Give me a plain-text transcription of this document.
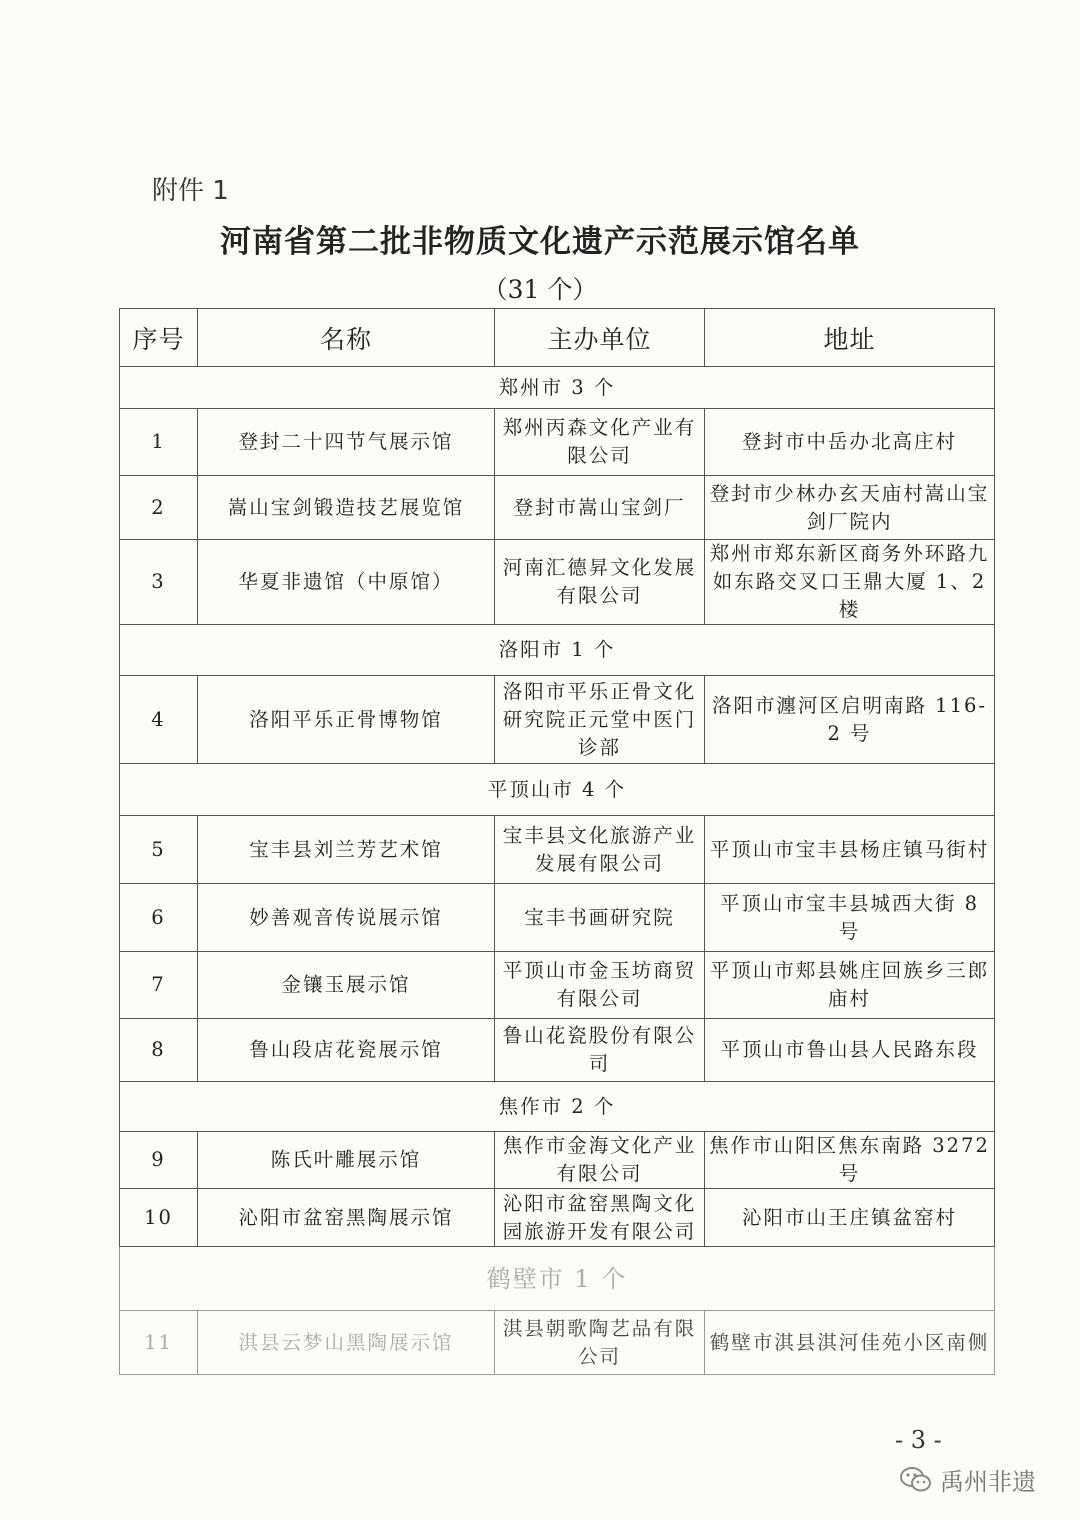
附件 1
河南省第二批非物质文化遗产示范展示馆名单
（31 个）
序号	名称	主办单位	地址
郑州市 3 个			
1	登封二十四节气展示馆	郑州丙森文化产业有限公司	登封市中岳办北高庄村
2	嵩山宝剑锻造技艺展览馆	登封市嵩山宝剑厂	登封市少林办玄天庙村嵩山宝剑厂院内
3	华夏非遗馆（中原馆）	河南汇德昇文化发展有限公司	郑州市郑东新区商务外环路九如东路交叉口王鼎大厦 1、2 楼
洛阳市 1 个			
4	洛阳平乐正骨博物馆	洛阳市平乐正骨文化研究院正元堂中医门诊部	洛阳市瀍河区启明南路 116-2 号
平顶山市 4 个			
5	宝丰县刘兰芳艺术馆	宝丰县文化旅游产业发展有限公司	平顶山市宝丰县杨庄镇马街村
6	妙善观音传说展示馆	宝丰书画研究院	平顶山市宝丰县城西大街 8 号
7	金镶玉展示馆	平顶山市金玉坊商贸有限公司	平顶山市郏县姚庄回族乡三郎庙村
8	鲁山段店花瓷展示馆	鲁山花瓷股份有限公司	平顶山市鲁山县人民路东段
焦作市 2 个			
9	陈氏叶雕展示馆	焦作市金海文化产业有限公司	焦作市山阳区焦东南路 3272 号
10	沁阳市盆窑黑陶展示馆	沁阳市盆窑黑陶文化园旅游开发有限公司	沁阳市山王庄镇盆窑村
鹤壁市 1 个			
11	淇县云梦山黑陶展示馆	淇县朝歌陶艺品有限公司	鹤壁市淇县淇河佳苑小区南侧
- 3 -
禹州非遗
